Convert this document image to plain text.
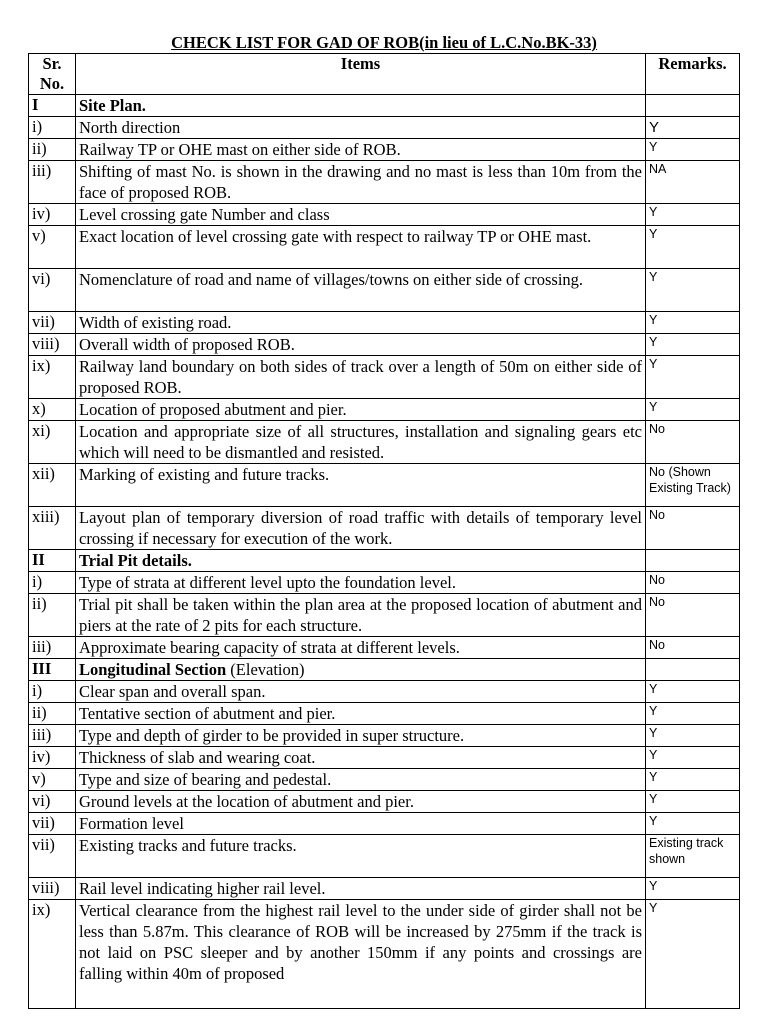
CHECK LIST FOR GAD OF ROB(in lieu of L.C.No.BK-33)
Sr. No.	Items	Remarks.
I	Site Plan.	
i)	North direction	Y
ii)	Railway TP or OHE mast on either side of ROB.	Y
iii)	Shifting of mast No. is shown in the drawing and no mast is less than 10m from the face of proposed ROB.	NA
iv)	Level crossing gate Number and class	Y
v)	Exact location of level crossing gate with respect to railway TP or OHE mast.	Y
vi)	Nomenclature of road and name of villages/towns on either side of crossing.	Y
vii)	Width of existing road.	Y
viii)	Overall width of proposed ROB.	Y
ix)	Railway land boundary on both sides of track over a length of 50m on either side of proposed ROB.	Y
x)	Location of proposed abutment and pier.	Y
xi)	Location and appropriate size of all structures, installation and signaling gears etc which will need to be dismantled and resisted.	No
xii)	Marking of existing and future tracks.	No (Shown Existing Track)
xiii)	Layout plan of temporary diversion of road traffic with details of temporary level crossing if necessary for execution of the work.	No
II	Trial Pit details.	
i)	Type of strata at different level upto the foundation level.	No
ii)	Trial pit shall be taken within the plan area at the proposed location of abutment and piers at the rate of 2 pits for each structure.	No
iii)	Approximate bearing capacity of strata at different levels.	No
III	Longitudinal Section (Elevation)	
i)	Clear span and overall span.	Y
ii)	Tentative section of abutment and pier.	Y
iii)	Type and depth of girder to be provided in super structure.	Y
iv)	Thickness of slab and wearing coat.	Y
v)	Type and size of bearing and pedestal.	Y
vi)	Ground levels at the location of abutment and pier.	Y
vii)	Formation level	Y
vii)	Existing tracks and future tracks.	Existing track shown
viii)	Rail level indicating higher rail level.	Y
ix)	Vertical clearance from the highest rail level to the under side of girder shall not be less than 5.87m. This clearance of ROB will be increased by 275mm if the track is not laid on PSC sleeper and by another 150mm if any points and crossings are falling within 40m of proposed	Y
